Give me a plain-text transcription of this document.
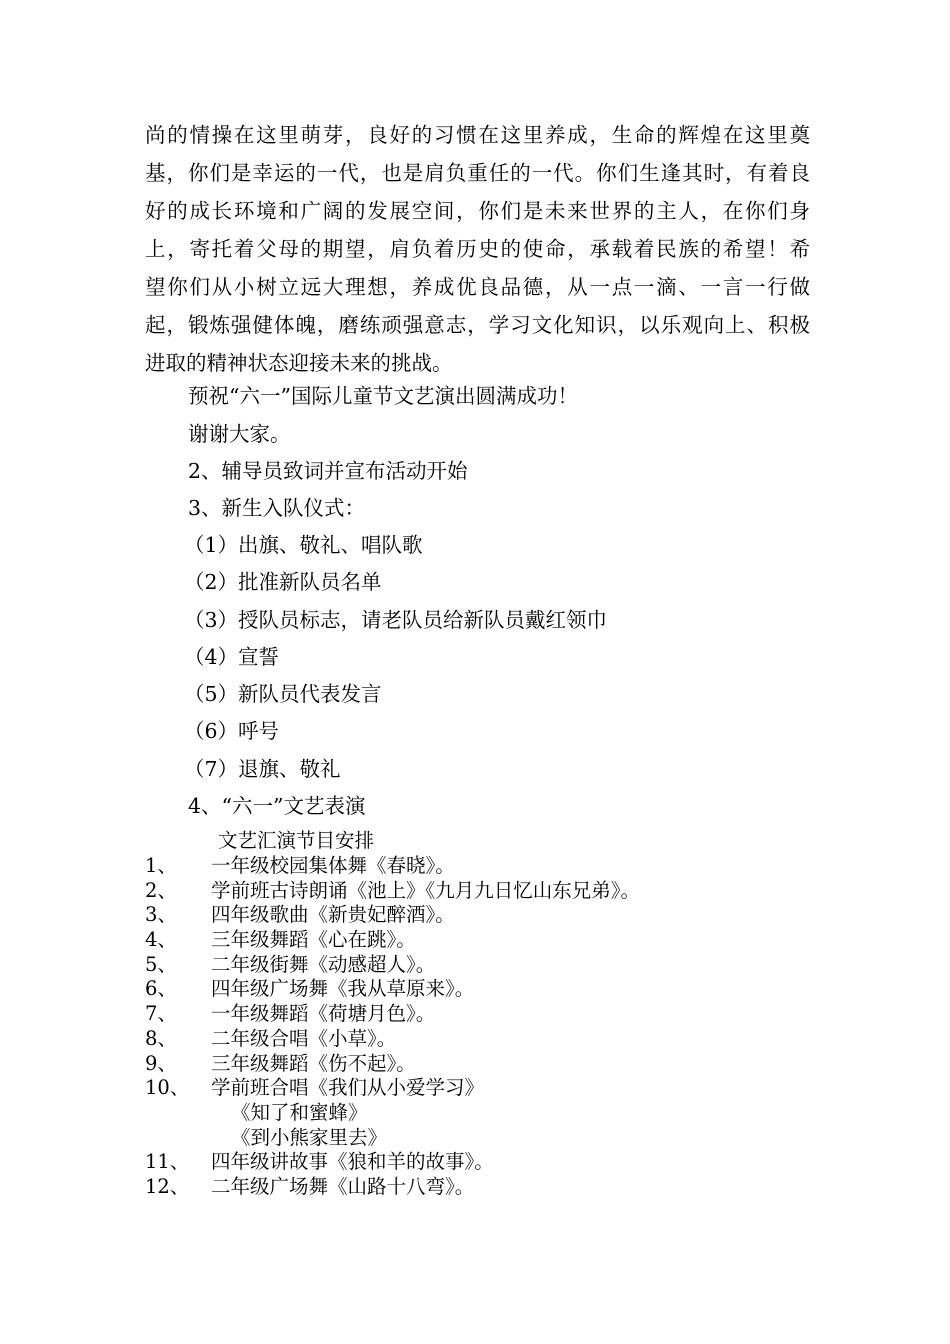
尚的情操在这里萌芽，良好的习惯在这里养成，生命的辉煌在这里奠
基，你们是幸运的一代，也是肩负重任的一代。你们生逢其时，有着良
好的成长环境和广阔的发展空间，你们是未来世界的主人，在你们身
上，寄托着父母的期望，肩负着历史的使命，承载着民族的希望！希
望你们从小树立远大理想，养成优良品德，从一点一滴、一言一行做
起，锻炼强健体魄，磨练顽强意志，学习文化知识，以乐观向上、积极
进取的精神状态迎接未来的挑战。
预祝“六一”国际儿童节文艺演出圆满成功！
谢谢大家。
2、辅导员致词并宣布活动开始
3、新生入队仪式：
（1）出旗、敬礼、唱队歌
（2）批准新队员名单
（3）授队员标志，请老队员给新队员戴红领巾
（4）宣誓
（5）新队员代表发言
（6）呼号
（7）退旗、敬礼
4、“六一”文艺表演
文艺汇演节目安排
1、 一年级校园集体舞《春晓》。
2、 学前班古诗朗诵《池上》《九月九日忆山东兄弟》。
3、 四年级歌曲《新贵妃醉酒》。
4、 三年级舞蹈《心在跳》。
5、 二年级街舞《动感超人》。
6、 四年级广场舞《我从草原来》。
7、 一年级舞蹈《荷塘月色》。
8、 二年级合唱《小草》。
9、 三年级舞蹈《伤不起》。
10、 学前班合唱《我们从小爱学习》
《知了和蜜蜂》
《到小熊家里去》
11、 四年级讲故事《狼和羊的故事》。
12、 二年级广场舞《山路十八弯》。
